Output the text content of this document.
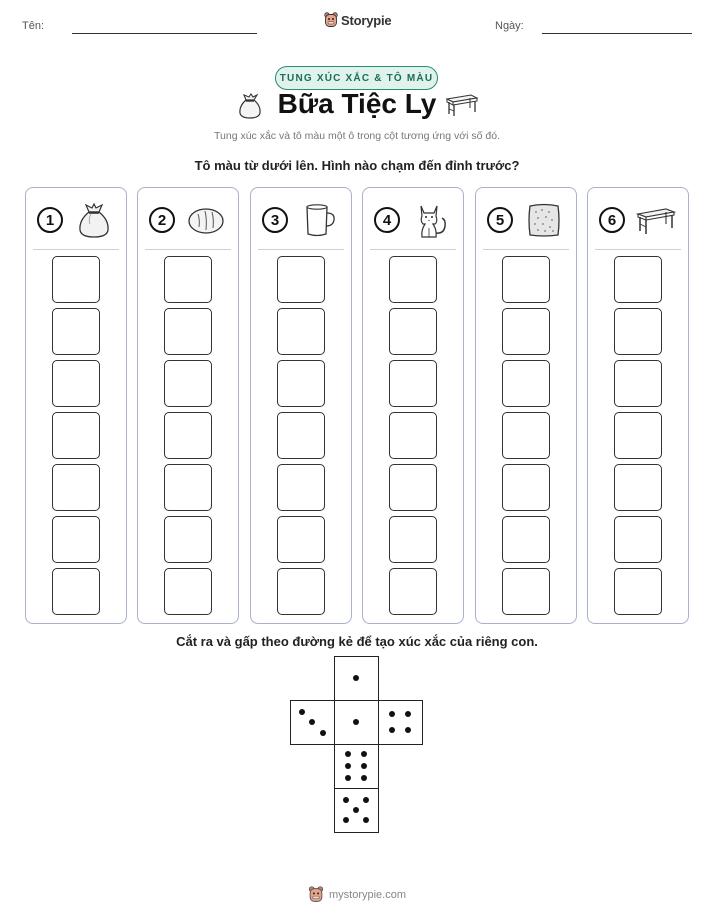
Tên:	Ngày:
Storypie
TUNG XÚC XẮC & TÔ MÀU
Bữa Tiệc Ly
Tung xúc xắc và tô màu một ô trong cột tương ứng với số đó.
Tô màu từ dưới lên. Hình nào chạm đến đỉnh trước?
1	2	3	4	5	6
Cắt ra và gấp theo đường kẻ để tạo xúc xắc của riêng con.
mystorypie.com
